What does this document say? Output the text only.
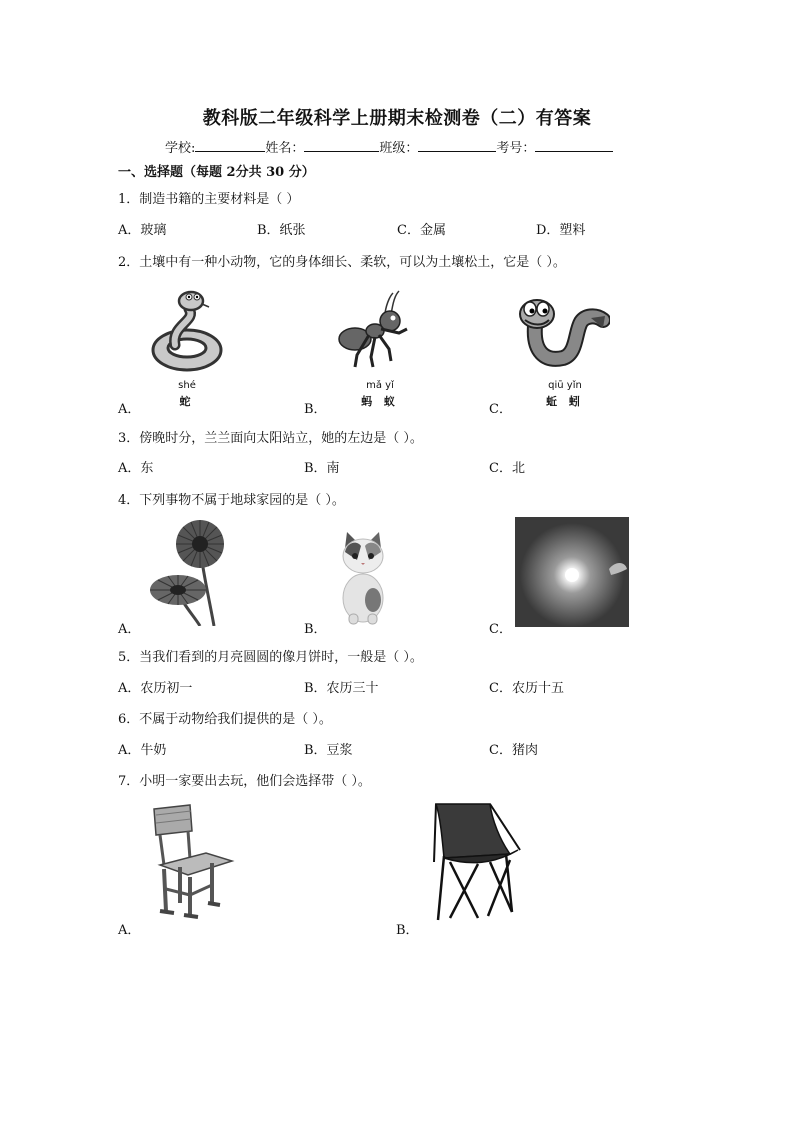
教科版二年级科学上册期末检测卷（二）有答案
学校:	姓名：	班级：	考号：
一、选择题（每题 2分共 30 分）
1．制造书籍的主要材料是（ ）
A．玻璃	B．纸张	C．金属	D．塑料
2．土壤中有一种小动物，它的身体细长、柔软，可以为土壤松土，它是（ ）。
shé
蛇
A．
mǎ yǐ
蚂 蚁
B．
qiū yǐn
蚯 蚓
C．
3．傍晚时分，兰兰面向太阳站立，她的左边是（ ）。
A．东	B．南	C．北
4．下列事物不属于地球家园的是（ ）。
A．	B．	C．
5．当我们看到的月亮圆圆的像月饼时，一般是（ ）。
A．农历初一	B．农历三十	C．农历十五
6．不属于动物给我们提供的是（ ）。
A．牛奶	B．豆浆	C．猪肉
7．小明一家要出去玩，他们会选择带（ ）。
A．	B．
